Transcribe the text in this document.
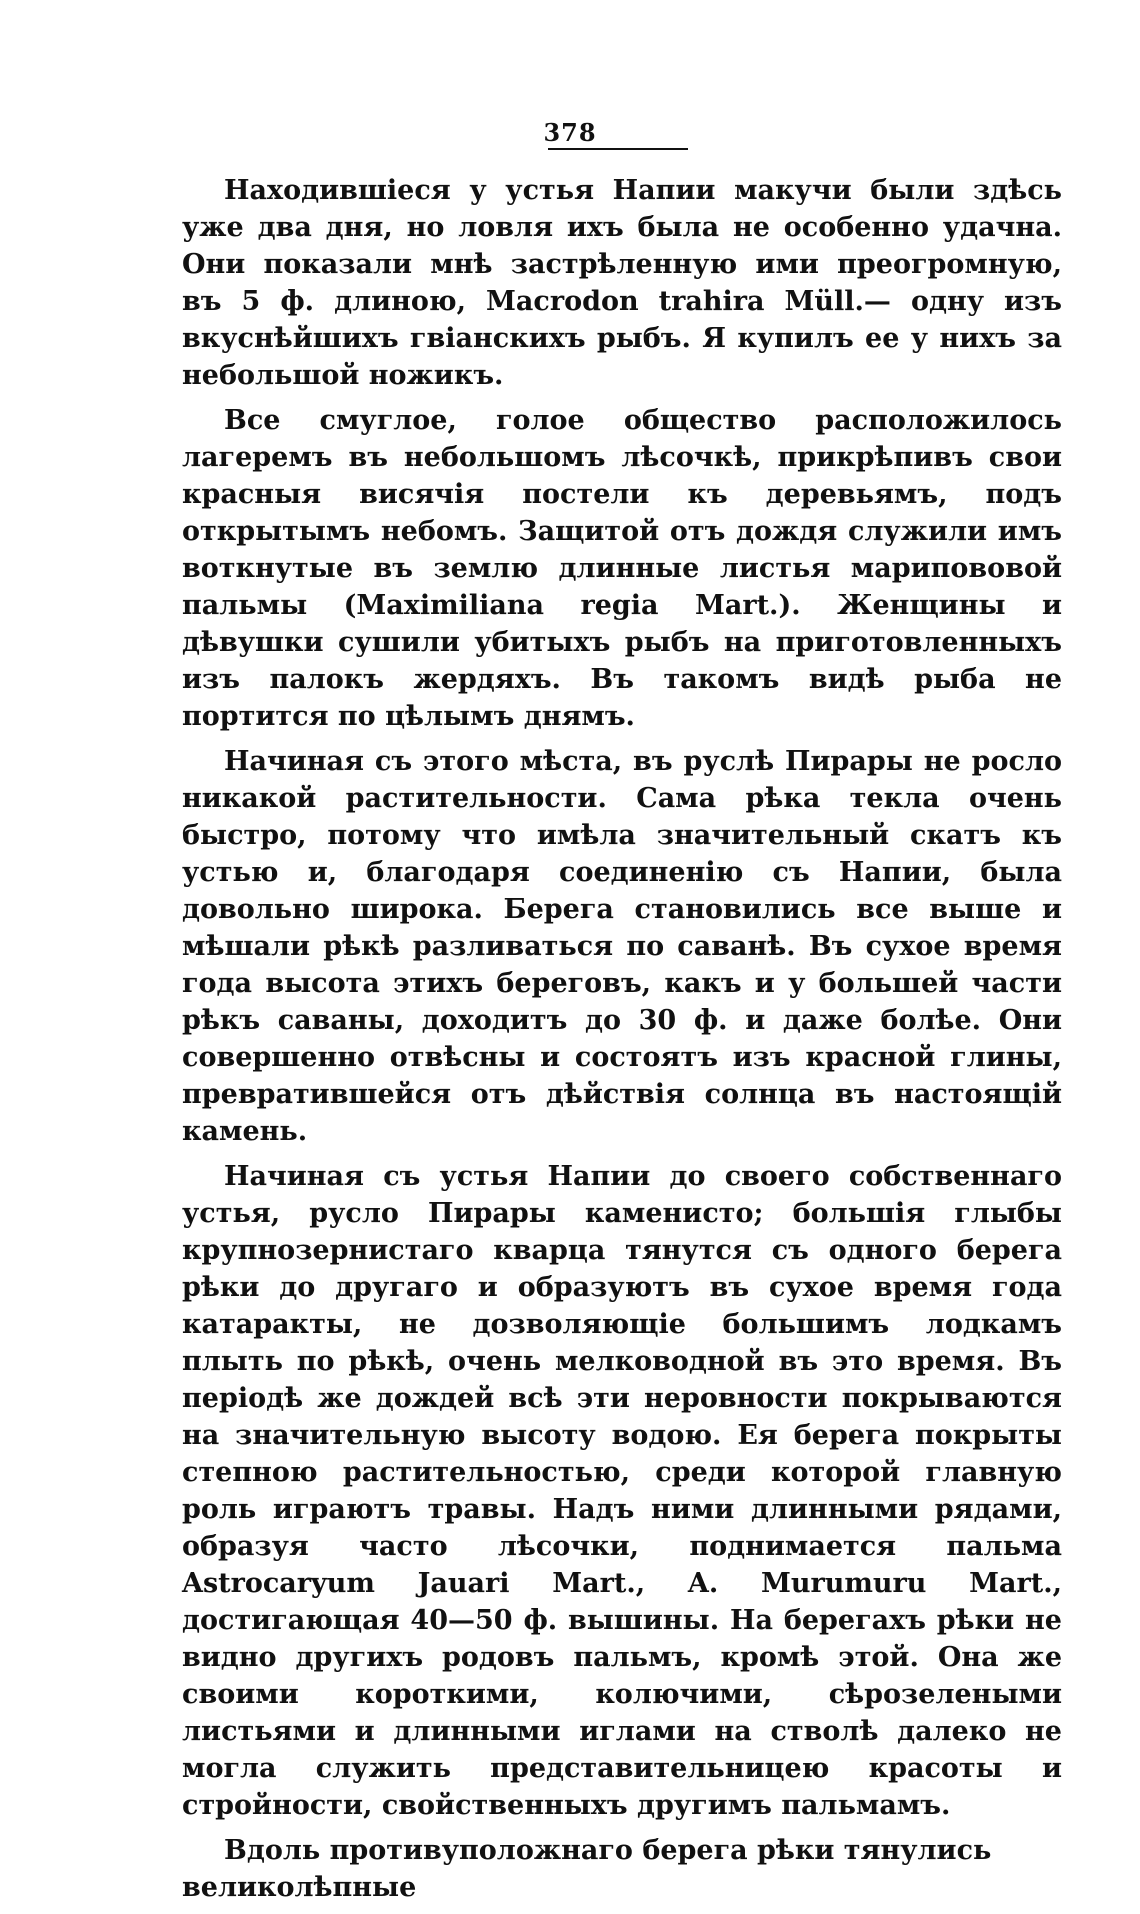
378

Находившіеся у устья Напии макучи были здѣсь уже два дня, но ловля ихъ была не особенно удачна. Они показали мнѣ застрѣленную ими преогромную, въ 5 ф. длиною, Macrodon trahira Müll.— одну изъ вкуснѣйшихъ гвіанскихъ рыбъ. Я купилъ ее у нихъ за небольшой ножикъ.

Все смуглое, голое общество расположилось лагеремъ въ небольшомъ лѣсочкѣ, прикрѣпивъ свои красныя висячія постели къ деревьямъ, подъ открытымъ небомъ. Защитой отъ дождя служили имъ воткнутые въ землю длинные листья марипововой пальмы (Maximiliana regia Mart.). Женщины и дѣвушки сушили убитыхъ рыбъ на приготовленныхъ изъ палокъ жердяхъ. Въ такомъ видѣ рыба не портится по цѣлымъ днямъ.

Начиная съ этого мѣста, въ руслѣ Пирары не росло никакой растительности. Сама рѣка текла очень быстро, потому что имѣла значительный скатъ къ устью и, благодаря соединенію съ Напии, была довольно широка. Берега становились все выше и мѣшали рѣкѣ разливаться по саванѣ. Въ сухое время года высота этихъ береговъ, какъ и у большей части рѣкъ саваны, доходитъ до 30 ф. и даже болѣе. Они совершенно отвѣсны и состоятъ изъ красной глины, превратившейся отъ дѣйствія солнца въ настоящій камень.

Начиная съ устья Напии до своего собственнаго устья, русло Пирары каменисто; большія глыбы крупнозернистаго кварца тянутся съ одного берега рѣки до другаго и образуютъ въ сухое время года катаракты, не дозволяющіе большимъ лодкамъ плыть по рѣкѣ, очень мелководной въ это время. Въ періодѣ же дождей всѣ эти неровности покрываются на значительную высоту водою. Ея берега покрыты степною растительностью, среди которой главную роль играютъ травы. Надъ ними длинными рядами, образуя часто лѣсочки, поднимается пальма Astrocaryum Jauari Mart., A. Murumuru Mart., достигающая 40—50 ф. вышины. На берегахъ рѣки не видно другихъ родовъ пальмъ, кромѣ этой. Она же своими короткими, колючими, сѣрозелеными листьями и длинными иглами на стволѣ далеко не могла служить представительницею красоты и стройности, свойственныхъ другимъ пальмамъ.

Вдоль противуположнаго берега рѣки тянулись великолѣпные
